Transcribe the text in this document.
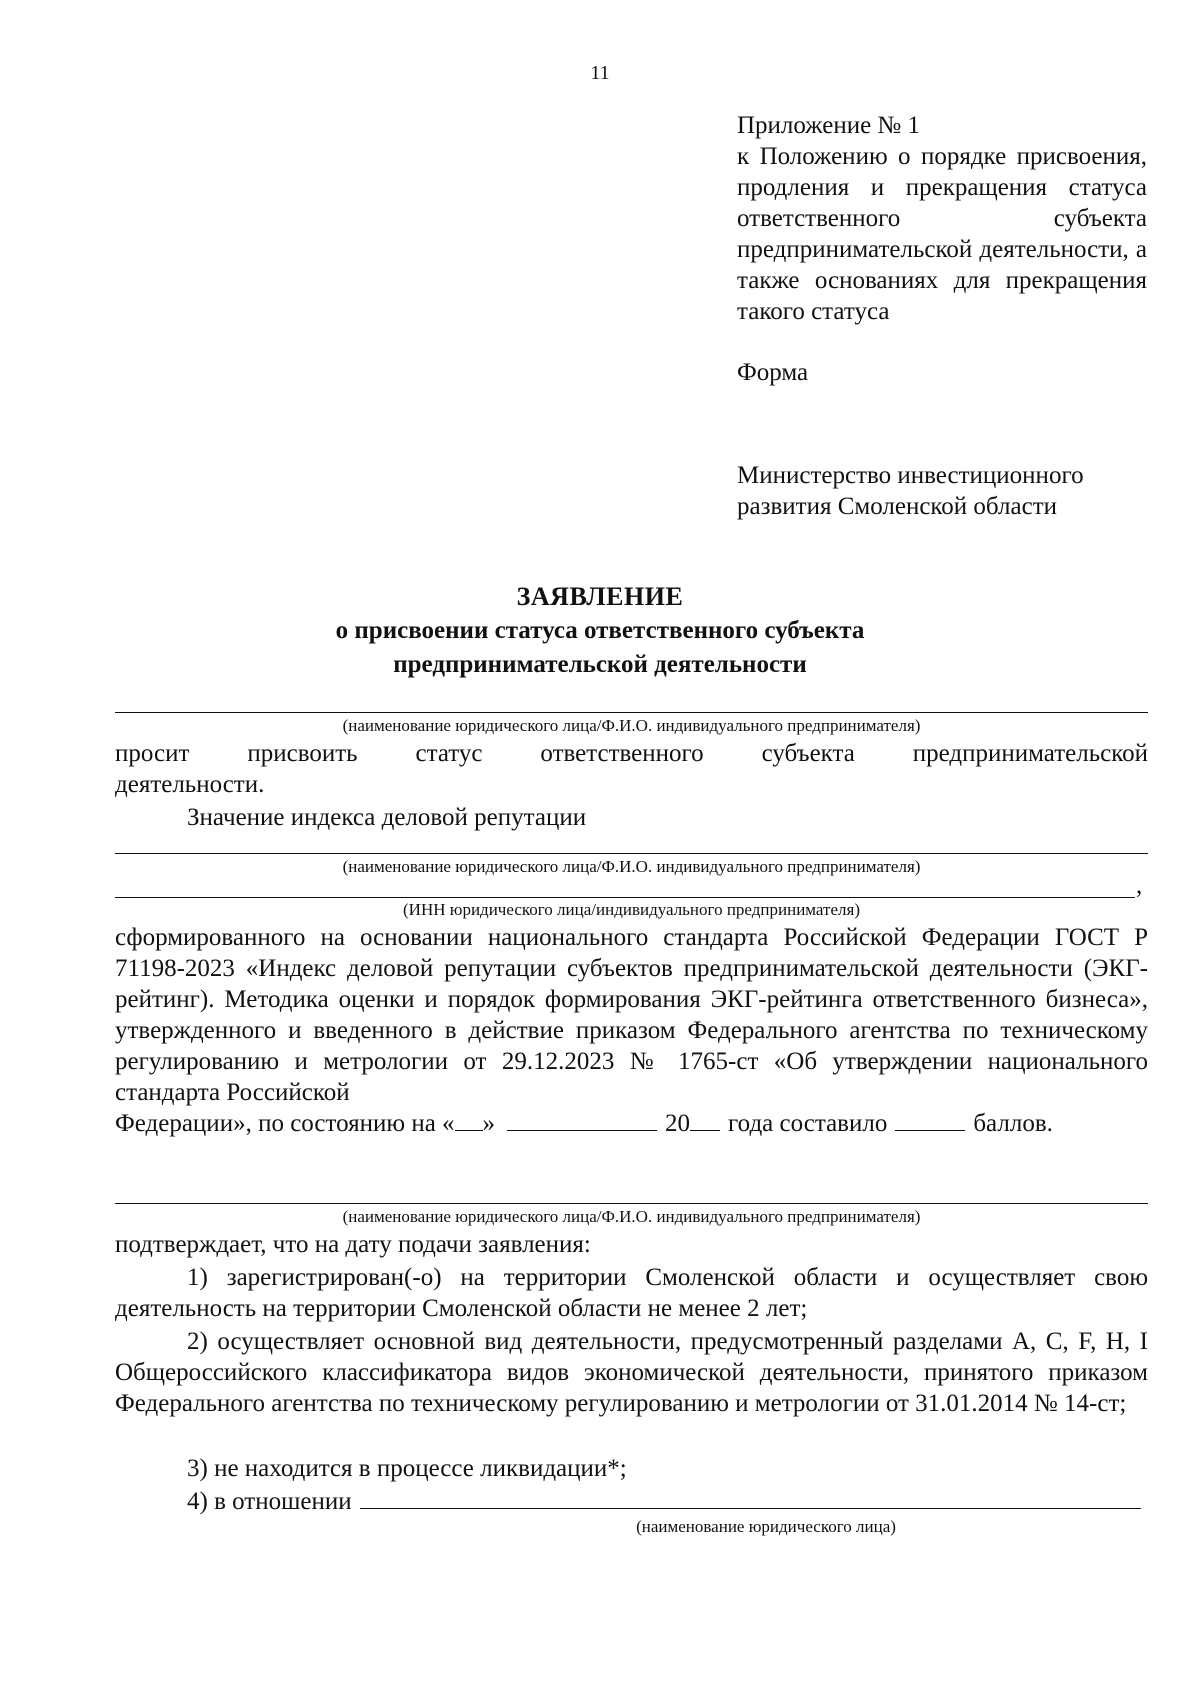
11
Приложение № 1
к Положению о порядке присвоения, продления и прекращения статуса ответственного субъекта предпринимательской деятельности, а также основаниях для прекращения такого статуса
Форма
Министерство инвестиционного
развития Смоленской области
ЗАЯВЛЕНИЕ
о присвоении статуса ответственного субъекта
предпринимательской деятельности
(наименование юридического лица/Ф.И.О. индивидуального предпринимателя)
просит присвоить статус ответственного субъекта предпринимательской
деятельности.
Значение индекса деловой репутации
(наименование юридического лица/Ф.И.О. индивидуального предпринимателя)
,
(ИНН юридического лица/индивидуального предпринимателя)
сформированного на основании национального стандарта Российской Федерации ГОСТ Р 71198-2023 «Индекс деловой репутации субъектов предпринимательской деятельности (ЭКГ-рейтинг). Методика оценки и порядок формирования ЭКГ-рейтинга ответственного бизнеса», утвержденного и введенного в действие приказом Федерального агентства по техническому регулированию и метрологии от 29.12.2023 № 1765-ст «Об утверждении национального стандарта Российской
Федерации», по состоянию на « »	20 года составило	баллов.
(наименование юридического лица/Ф.И.О. индивидуального предпринимателя)
подтверждает, что на дату подачи заявления:
1) зарегистрирован(-о) на территории Смоленской области и осуществляет свою деятельность на территории Смоленской области не менее 2 лет;
2) осуществляет основной вид деятельности, предусмотренный разделами А, С, F, Н, I Общероссийского классификатора видов экономической деятельности, принятого приказом Федерального агентства по техническому регулированию и метрологии от 31.01.2014 № 14-ст;
3) не находится в процессе ликвидации*;
4) в отношении
(наименование юридического лица)
